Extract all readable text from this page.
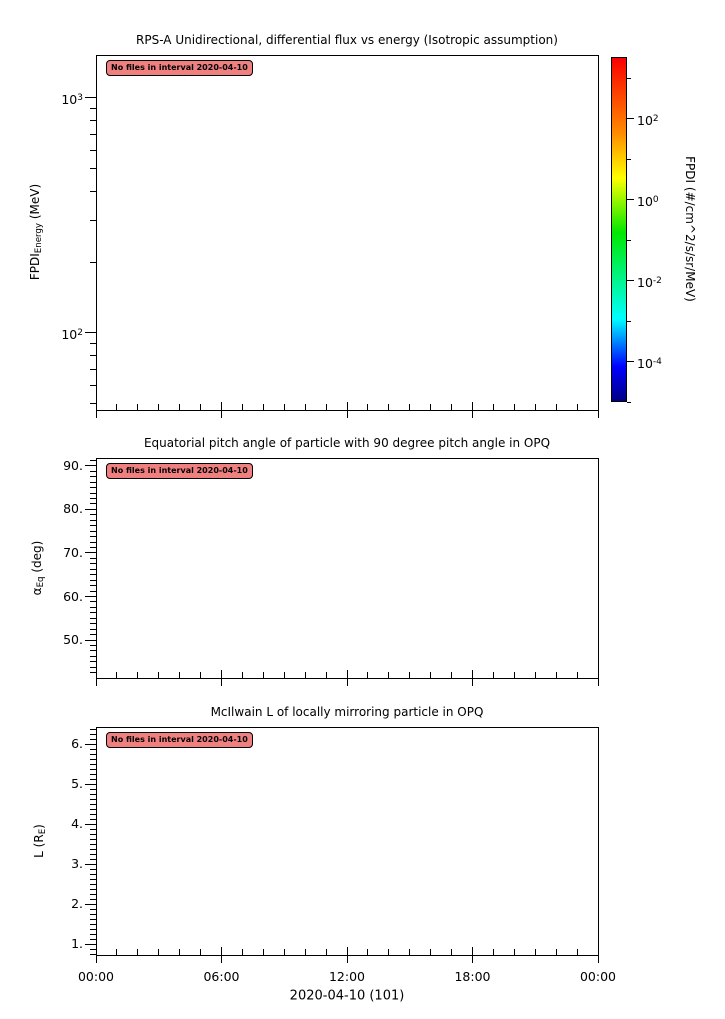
RPS-A Unidirectional, differential flux vs energy (Isotropic assumption)
Equatorial pitch angle of particle with 90 degree pitch angle in OPQ
McIlwain L of locally mirroring particle in OPQ
$FPDI_{Energy}$ (MeV)
$\alpha_{Eq}$ (deg)
L $(R_E)$
No files in interval 2020-04-10
No files in interval 2020-04-10
No files in interval 2020-04-10
2020-04-10 (101)
FPDI (#/cm^2/s/sr/MeV)
$10^2$
$10^3$
90.
80.
70.
60.
50.
6.
5.
4.
3.
2.
1.
00:00	06:00	12:00	18:00	00:00
$10^2$
$10^0$
$10^{-2}$
$10^{-4}$
